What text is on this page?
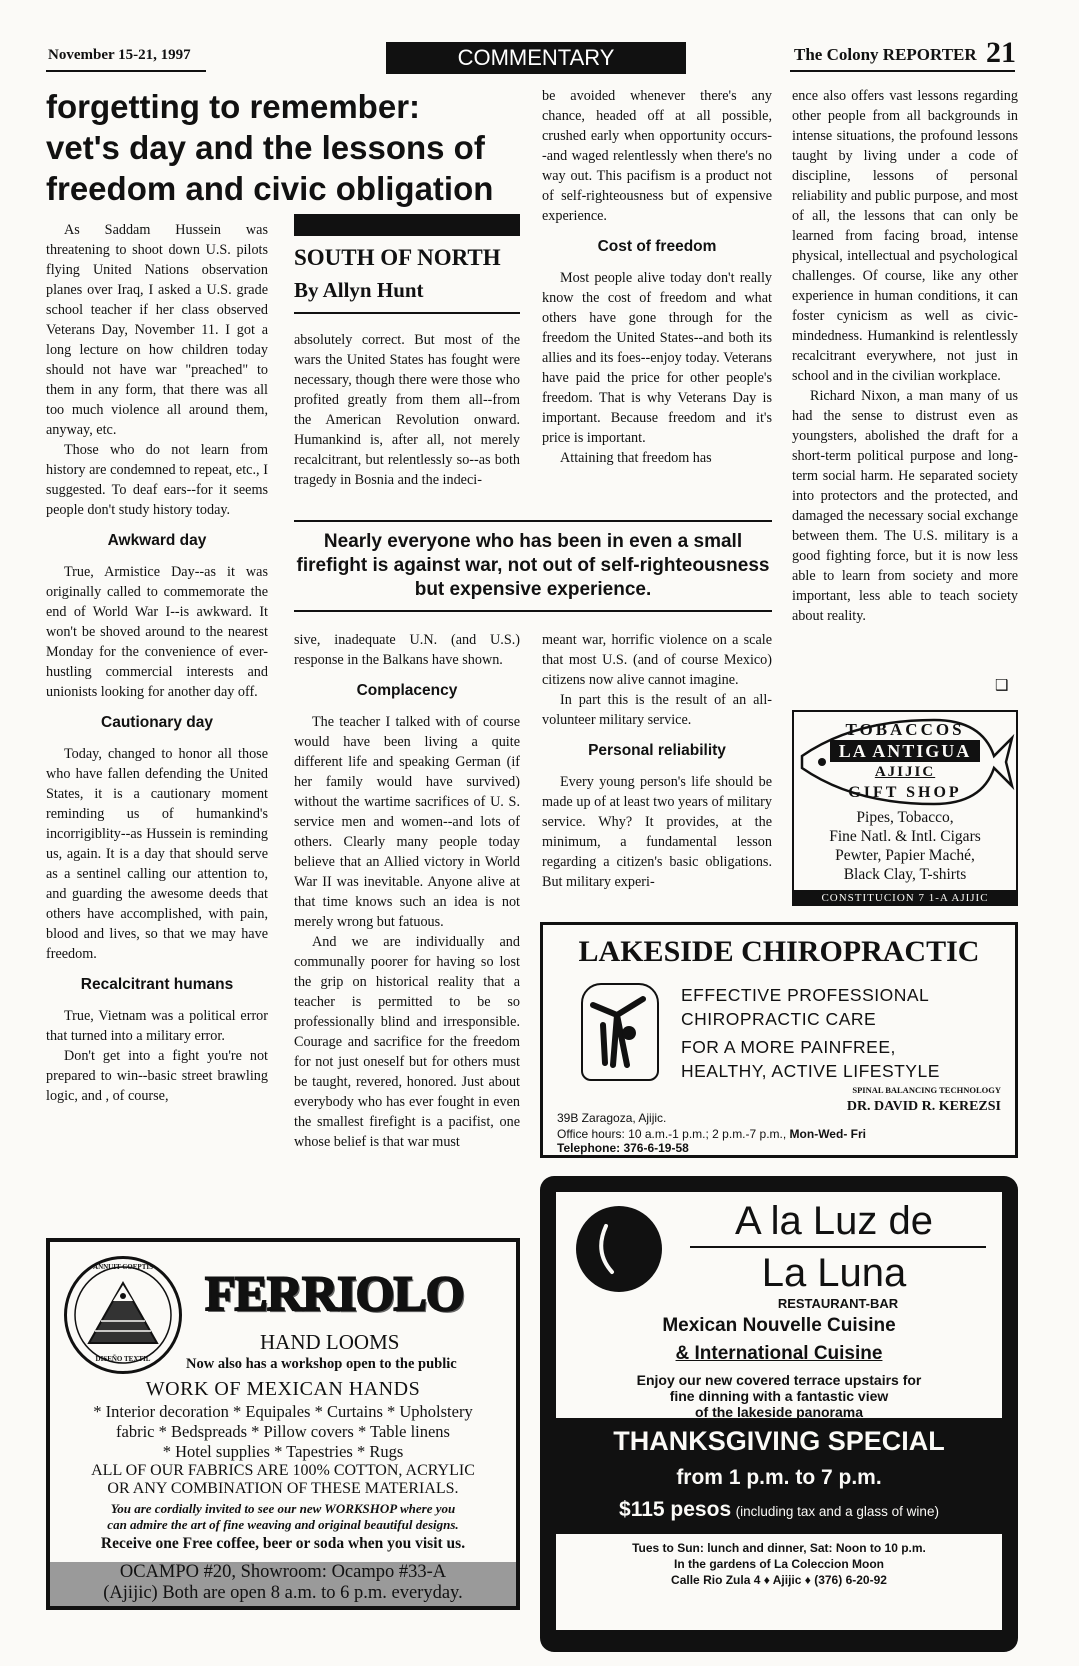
November 15-21, 1997	COMMENTARY	The Colony REPORTER 21
forgetting to remember:
vet's day and the lessons of
freedom and civic obligation

As Saddam Hussein was threatening to shoot down U.S. pilots flying United Nations observation planes over Iraq, I asked a U.S. grade school teacher if her class observed Veterans Day, November 11. I got a long lecture on how children today should not have war "preached" to them in any form, that there was all too much violence all around them, anyway, etc.

Those who do not learn from history are condemned to repeat, etc., I suggested. To deaf ears--for it seems people don't study history today.

Awkward day

True, Armistice Day--as it was originally called to commemorate the end of World War I--is awkward. It won't be shoved around to the nearest Monday for the convenience of ever-hustling commercial interests and unionists looking for another day off.

Cautionary day

Today, changed to honor all those who have fallen defending the United States, it is a cautionary moment reminding us of humankind's incorrigiblity--as Hussein is reminding us, again. It is a day that should serve as a sentinel calling our attention to, and guarding the awesome deeds that others have accomplished, with pain, blood and lives, so that we may have freedom.

Recalcitrant humans

True, Vietnam was a political error that turned into a military error.

Don't get into a fight you're not prepared to win--basic street brawling logic, and , of course,

SOUTH OF NORTH
By Allyn Hunt

absolutely correct. But most of the wars the United States has fought were necessary, though there were those who profited greatly from them all--from the American Revolution onward. Humankind is, after all, not merely recalcitrant, but relentlessly so--as both tragedy in Bosnia and the indeci-

be avoided whenever there's any chance, headed off at all possible, crushed early when opportunity occurs--and waged relentlessly when there's no way out. This pacifism is a product not of self-righteousness but of expensive experience.

Cost of freedom

Most people alive today don't really know the cost of freedom and what others have gone through for the freedom the United States--and both its allies and its foes--enjoy today. Veterans have paid the price for other people's freedom. That is why Veterans Day is important. Because freedom and it's price is important.

Attaining that freedom has

Nearly everyone who has been in even a small firefight is against war, not out of self-righteousness but expensive experience.

sive, inadequate U.N. (and U.S.) response in the Balkans have shown.

Complacency

The teacher I talked with of course would have been living a quite different life and speaking German (if her family would have survived) without the wartime sacrifices of U. S. service men and women--and lots of others. Clearly many people today believe that an Allied victory in World War II was inevitable. Anyone alive at that time knows such an idea is not merely wrong but fatuous.

And we are individually and communally poorer for having so lost the grip on historical reality that a teacher is permitted to be so professionally blind and irresponsible. Courage and sacrifice for the freedom for not just oneself but for others must be taught, revered, honored. Just about everybody who has ever fought in even the smallest firefight is a pacifist, one whose belief is that war must

meant war, horrific violence on a scale that most U.S. (and of course Mexico) citizens now alive cannot imagine.

In part this is the result of an all-volunteer military service.

Personal reliability

Every young person's life should be made up of at least two years of military service. Why? It provides, at the minimum, a fundamental lesson regarding a citizen's basic obligations. But military experi-

ence also offers vast lessons regarding other people from all backgrounds in intense situations, the profound lessons taught by living under a code of discipline, lessons of personal reliability and public purpose, and most of all, the lessons that can only be learned from facing broad, intense physical, intellectual and psychological challenges. Of course, like any other experience in human conditions, it can foster cynicism as well as civic-mindedness. Humankind is relentlessly recalcitrant everywhere, not just in school and in the civilian workplace.

Richard Nixon, a man many of us had the sense to distrust even as youngsters, abolished the draft for a short-term political purpose and long-term social harm. He separated society into protectors and the protected, and damaged the necessary social exchange between them. The U.S. military is a good fighting force, but it is now less able to learn from society and more important, less able to teach society about reality.

❑
TOBACCOS
LA ANTIGUA
AJIJIC
GIFT SHOP
Pipes, Tobacco,
Fine Natl. & Intl. Cigars
Pewter, Papier Maché,
Black Clay, T-shirts
CONSTITUCION 7 1-A AJIJIC
LAKESIDE CHIROPRACTIC
EFFECTIVE PROFESSIONAL
CHIROPRACTIC CARE
FOR A MORE PAINFREE,
HEALTHY, ACTIVE LIFESTYLE
SPINAL BALANCING TECHNOLOGY
DR. DAVID R. KEREZSI
39B Zaragoza, Ajijic.
Office hours: 10 a.m.-1 p.m.; 2 p.m.-7 p.m., Mon-Wed- Fri
Telephone: 376-6-19-58
ANNUIT COEPTIS
DISEÑO TEXTIL
FERRIOLO
HAND LOOMS
Now also has a workshop open to the public
WORK OF MEXICAN HANDS
* Interior decoration * Equipales * Curtains * Upholstery
fabric * Bedspreads * Pillow covers * Table linens
* Hotel supplies * Tapestries * Rugs
ALL OF OUR FABRICS ARE 100% COTTON, ACRYLIC
OR ANY COMBINATION OF THESE MATERIALS.
You are cordially invited to see our new WORKSHOP where you
can admire the art of fine weaving and original beautiful designs.
Receive one Free coffee, beer or soda when you visit us.
OCAMPO #20, Showroom: Ocampo #33-A
(Ajijic) Both are open 8 a.m. to 6 p.m. everyday.
A la Luz de
La Luna
RESTAURANT-BAR
Mexican Nouvelle Cuisine
& International Cuisine
Enjoy our new covered terrace upstairs for
fine dinning with a fantastic view
of the lakeside panorama
THANKSGIVING SPECIAL
from 1 p.m. to 7 p.m.
$115 pesos (including tax and a glass of wine)
Tues to Sun: lunch and dinner, Sat: Noon to 10 p.m.
In the gardens of La Coleccion Moon
Calle Rio Zula 4 ♦ Ajijic ♦ (376) 6-20-92
